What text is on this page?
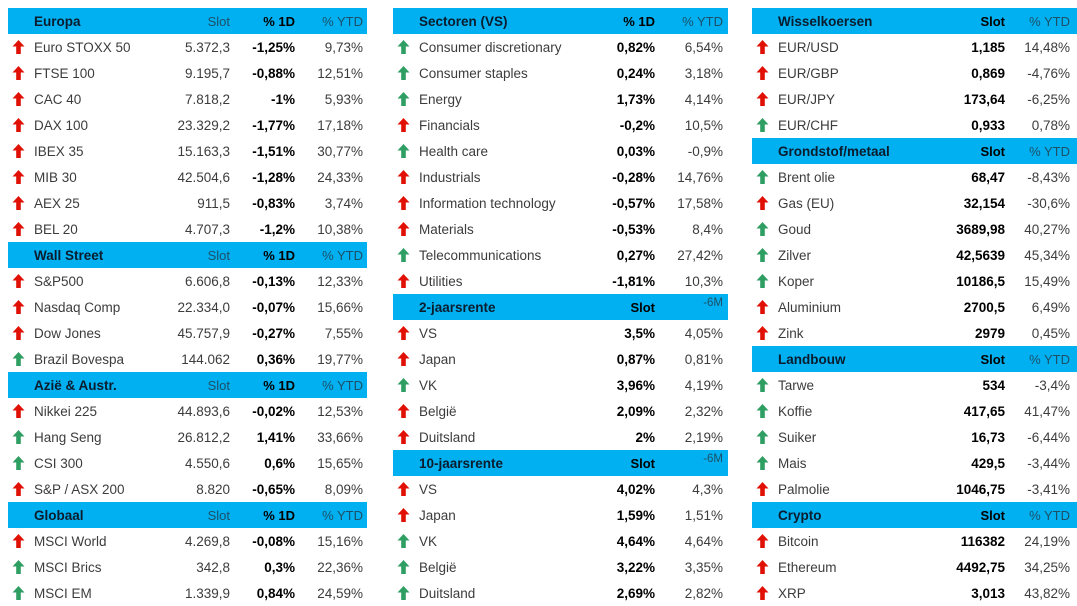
Europa	Slot	% 1D	% YTD
Euro STOXX 50	5.372,3	-1,25%	9,73%
FTSE 100	9.195,7	-0,88%	12,51%
CAC 40	7.818,2	-1%	5,93%
DAX 100	23.329,2	-1,77%	17,18%
IBEX 35	15.163,3	-1,51%	30,77%
MIB 30	42.504,6	-1,28%	24,33%
AEX 25	911,5	-0,83%	3,74%
BEL 20	4.707,3	-1,2%	10,38%
Wall Street	Slot	% 1D	% YTD
S&P500	6.606,8	-0,13%	12,33%
Nasdaq Comp	22.334,0	-0,07%	15,66%
Dow Jones	45.757,9	-0,27%	7,55%
Brazil Bovespa	144.062	0,36%	19,77%
Azië & Austr.	Slot	% 1D	% YTD
Nikkei 225	44.893,6	-0,02%	12,53%
Hang Seng	26.812,2	1,41%	33,66%
CSI 300	4.550,6	0,6%	15,65%
S&P / ASX 200	8.820	-0,65%	8,09%
Globaal	Slot	% 1D	% YTD
MSCI World	4.269,8	-0,08%	15,16%
MSCI Brics	342,8	0,3%	22,36%
MSCI EM	1.339,9	0,84%	24,59%
Sectoren (VS)	% 1D	% YTD
Consumer discretionary	0,82%	6,54%
Consumer staples	0,24%	3,18%
Energy	1,73%	4,14%
Financials	-0,2%	10,5%
Health care	0,03%	-0,9%
Industrials	-0,28%	14,76%
Information technology	-0,57%	17,58%
Materials	-0,53%	8,4%
Telecommunications	0,27%	27,42%
Utilities	-1,81%	10,3%
2-jaarsrente	Slot	-6M
VS	3,5%	4,05%
Japan	0,87%	0,81%
VK	3,96%	4,19%
België	2,09%	2,32%
Duitsland	2%	2,19%
10-jaarsrente	Slot	-6M
VS	4,02%	4,3%
Japan	1,59%	1,51%
VK	4,64%	4,64%
België	3,22%	3,35%
Duitsland	2,69%	2,82%
Wisselkoersen	Slot	% YTD
EUR/USD	1,185	14,48%
EUR/GBP	0,869	-4,76%
EUR/JPY	173,64	-6,25%
EUR/CHF	0,933	0,78%
Grondstof/metaal	Slot	% YTD
Brent olie	68,47	-8,43%
Gas (EU)	32,154	-30,6%
Goud	3689,98	40,27%
Zilver	42,5639	45,34%
Koper	10186,5	15,49%
Aluminium	2700,5	6,49%
Zink	2979	0,45%
Landbouw	Slot	% YTD
Tarwe	534	-3,4%
Koffie	417,65	41,47%
Suiker	16,73	-6,44%
Mais	429,5	-3,44%
Palmolie	1046,75	-3,41%
Crypto	Slot	% YTD
Bitcoin	116382	24,19%
Ethereum	4492,75	34,25%
XRP	3,013	43,82%
